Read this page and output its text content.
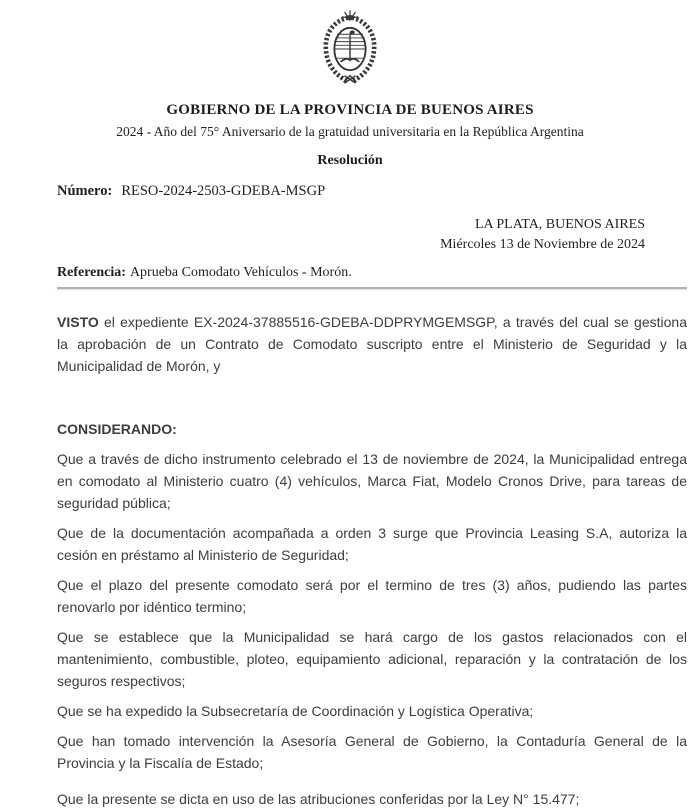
GOBIERNO DE LA PROVINCIA DE BUENOS AIRES
2024 - Año del 75° Aniversario de la gratuidad universitaria en la República Argentina
Resolución
Número: RESO-2024-2503-GDEBA-MSGP
LA PLATA, BUENOS AIRES
Miércoles 13 de Noviembre de 2024
Referencia: Aprueba Comodato Vehículos - Morón.

VISTO el expediente EX-2024-37885516-GDEBA-DDPRYMGEMSGP, a través del cual se gestiona la aprobación de un Contrato de Comodato suscripto entre el Ministerio de Seguridad y la Municipalidad de Morón, y

CONSIDERANDO:

Que a través de dicho instrumento celebrado el 13 de noviembre de 2024, la Municipalidad entrega en comodato al Ministerio cuatro (4) vehículos, Marca Fiat, Modelo Cronos Drive, para tareas de seguridad pública;

Que de la documentación acompañada a orden 3 surge que Provincia Leasing S.A, autoriza la cesión en préstamo al Ministerio de Seguridad;

Que el plazo del presente comodato será por el termino de tres (3) años, pudiendo las partes renovarlo por idéntico termino;

Que se establece que la Municipalidad se hará cargo de los gastos relacionados con el mantenimiento, combustible, ploteo, equipamiento adicional, reparación y la contratación de los seguros respectivos;

Que se ha expedido la Subsecretaría de Coordinación y Logística Operativa;

Que han tomado intervención la Asesoría General de Gobierno, la Contaduría General de la Provincia y la Fiscalía de Estado;

Que la presente se dicta en uso de las atribuciones conferidas por la Ley N° 15.477;
